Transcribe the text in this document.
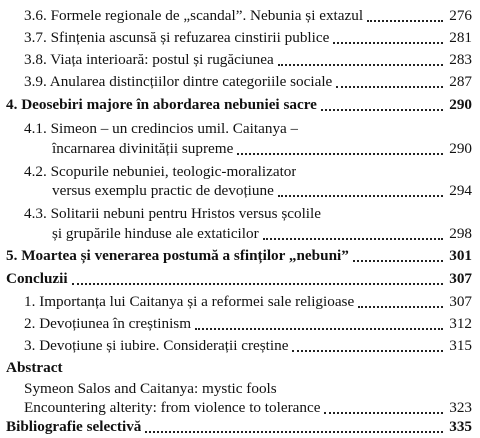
3.6. Formele regionale de „scandal”. Nebunia și extazul	276
3.7. Sfințenia ascunsă și refuzarea cinstirii publice	281
3.8. Viața interioară: postul și rugăciunea	283
3.9. Anularea distincțiilor dintre categoriile sociale	287
4. Deosebiri majore în abordarea nebuniei sacre	290
4.1. Simeon – un credincios umil. Caitanya –
încarnarea divinității supreme	290
4.2. Scopurile nebuniei, teologic-moralizator
versus exemplu practic de devoțiune	294
4.3. Solitarii nebuni pentru Hristos versus școlile
și grupările hinduse ale extaticilor	298
5. Moartea și venerarea postumă a sfinților „nebuni”	301
Concluzii	307
1. Importanța lui Caitanya și a reformei sale religioase	307
2. Devoțiunea în creștinism	312
3. Devoțiune și iubire. Considerații creștine	315
Abstract
Symeon Salos and Caitanya: mystic fools
Encountering alterity: from violence to tolerance	323
Bibliografie selectivă	335
